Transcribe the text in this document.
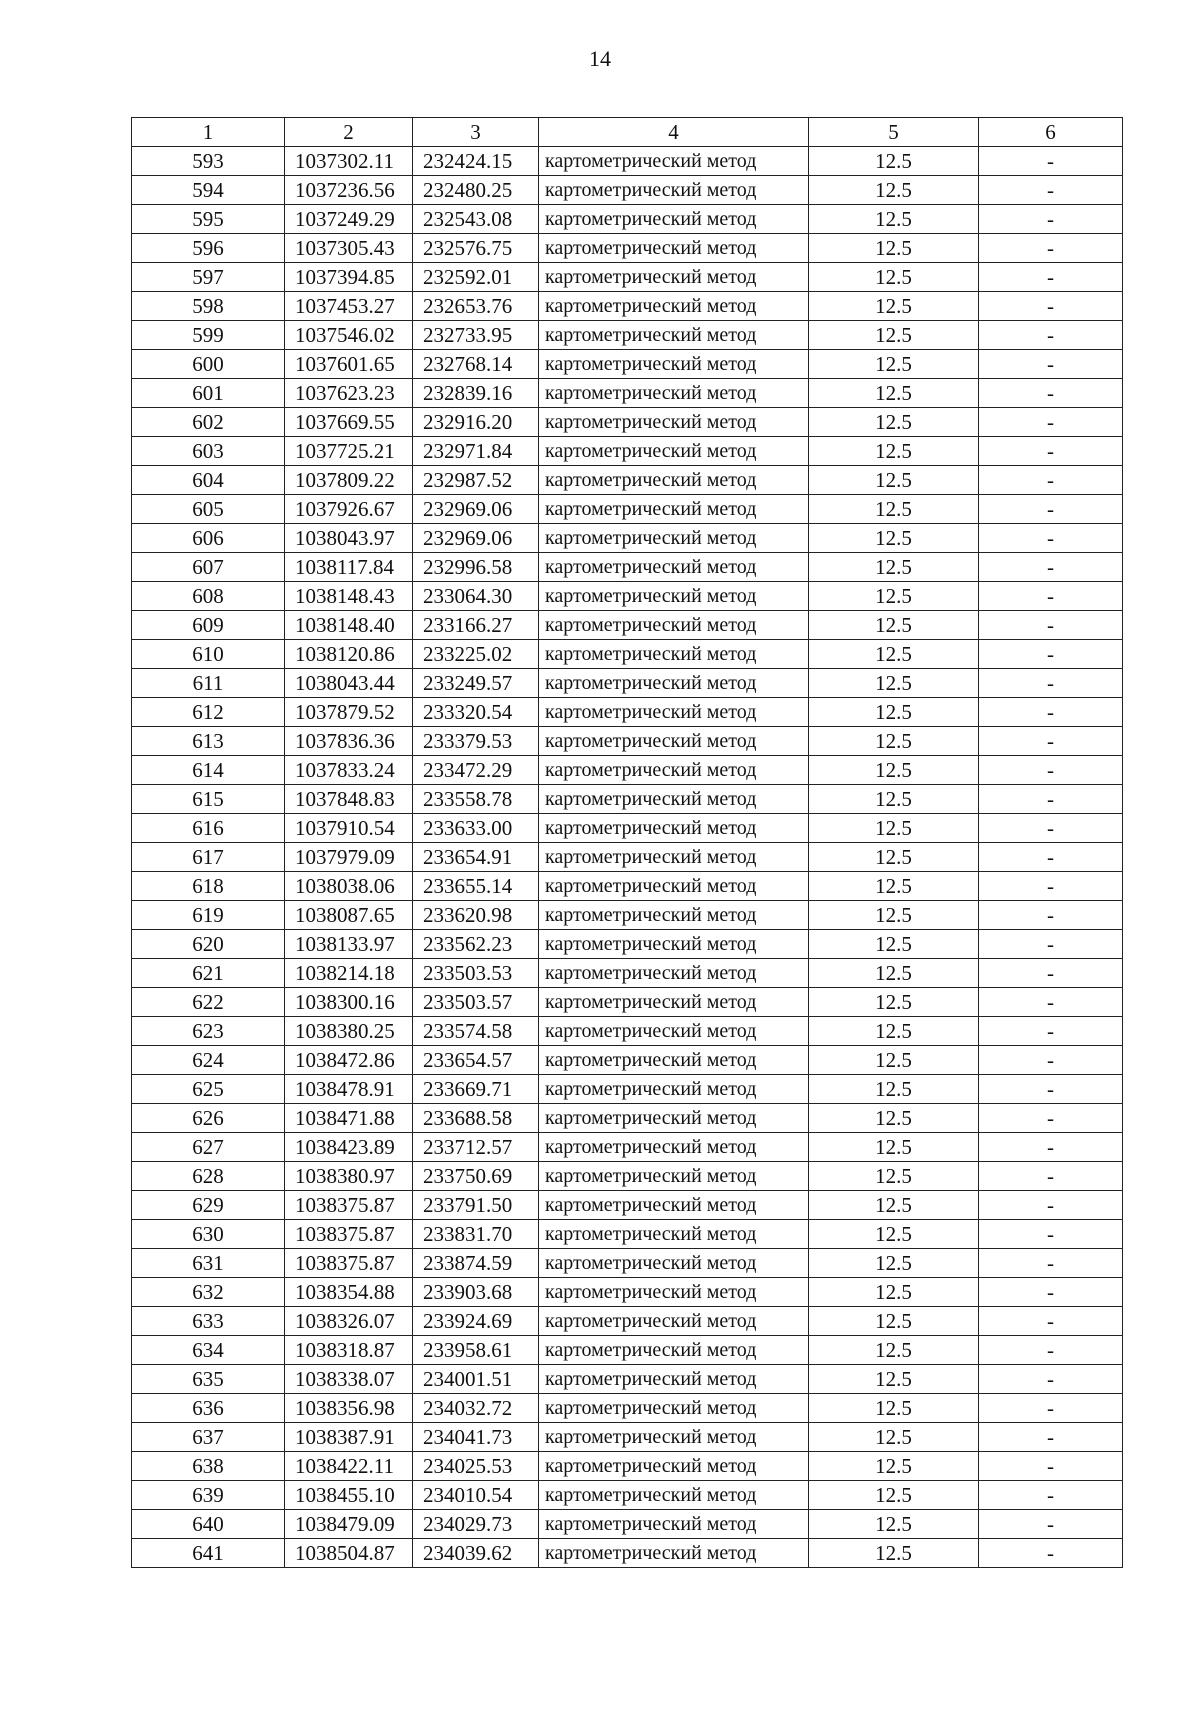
14
1	2	3	4	5	6
593	1037302.11	232424.15	картометрический метод	12.5	-
594	1037236.56	232480.25	картометрический метод	12.5	-
595	1037249.29	232543.08	картометрический метод	12.5	-
596	1037305.43	232576.75	картометрический метод	12.5	-
597	1037394.85	232592.01	картометрический метод	12.5	-
598	1037453.27	232653.76	картометрический метод	12.5	-
599	1037546.02	232733.95	картометрический метод	12.5	-
600	1037601.65	232768.14	картометрический метод	12.5	-
601	1037623.23	232839.16	картометрический метод	12.5	-
602	1037669.55	232916.20	картометрический метод	12.5	-
603	1037725.21	232971.84	картометрический метод	12.5	-
604	1037809.22	232987.52	картометрический метод	12.5	-
605	1037926.67	232969.06	картометрический метод	12.5	-
606	1038043.97	232969.06	картометрический метод	12.5	-
607	1038117.84	232996.58	картометрический метод	12.5	-
608	1038148.43	233064.30	картометрический метод	12.5	-
609	1038148.40	233166.27	картометрический метод	12.5	-
610	1038120.86	233225.02	картометрический метод	12.5	-
611	1038043.44	233249.57	картометрический метод	12.5	-
612	1037879.52	233320.54	картометрический метод	12.5	-
613	1037836.36	233379.53	картометрический метод	12.5	-
614	1037833.24	233472.29	картометрический метод	12.5	-
615	1037848.83	233558.78	картометрический метод	12.5	-
616	1037910.54	233633.00	картометрический метод	12.5	-
617	1037979.09	233654.91	картометрический метод	12.5	-
618	1038038.06	233655.14	картометрический метод	12.5	-
619	1038087.65	233620.98	картометрический метод	12.5	-
620	1038133.97	233562.23	картометрический метод	12.5	-
621	1038214.18	233503.53	картометрический метод	12.5	-
622	1038300.16	233503.57	картометрический метод	12.5	-
623	1038380.25	233574.58	картометрический метод	12.5	-
624	1038472.86	233654.57	картометрический метод	12.5	-
625	1038478.91	233669.71	картометрический метод	12.5	-
626	1038471.88	233688.58	картометрический метод	12.5	-
627	1038423.89	233712.57	картометрический метод	12.5	-
628	1038380.97	233750.69	картометрический метод	12.5	-
629	1038375.87	233791.50	картометрический метод	12.5	-
630	1038375.87	233831.70	картометрический метод	12.5	-
631	1038375.87	233874.59	картометрический метод	12.5	-
632	1038354.88	233903.68	картометрический метод	12.5	-
633	1038326.07	233924.69	картометрический метод	12.5	-
634	1038318.87	233958.61	картометрический метод	12.5	-
635	1038338.07	234001.51	картометрический метод	12.5	-
636	1038356.98	234032.72	картометрический метод	12.5	-
637	1038387.91	234041.73	картометрический метод	12.5	-
638	1038422.11	234025.53	картометрический метод	12.5	-
639	1038455.10	234010.54	картометрический метод	12.5	-
640	1038479.09	234029.73	картометрический метод	12.5	-
641	1038504.87	234039.62	картометрический метод	12.5	-
